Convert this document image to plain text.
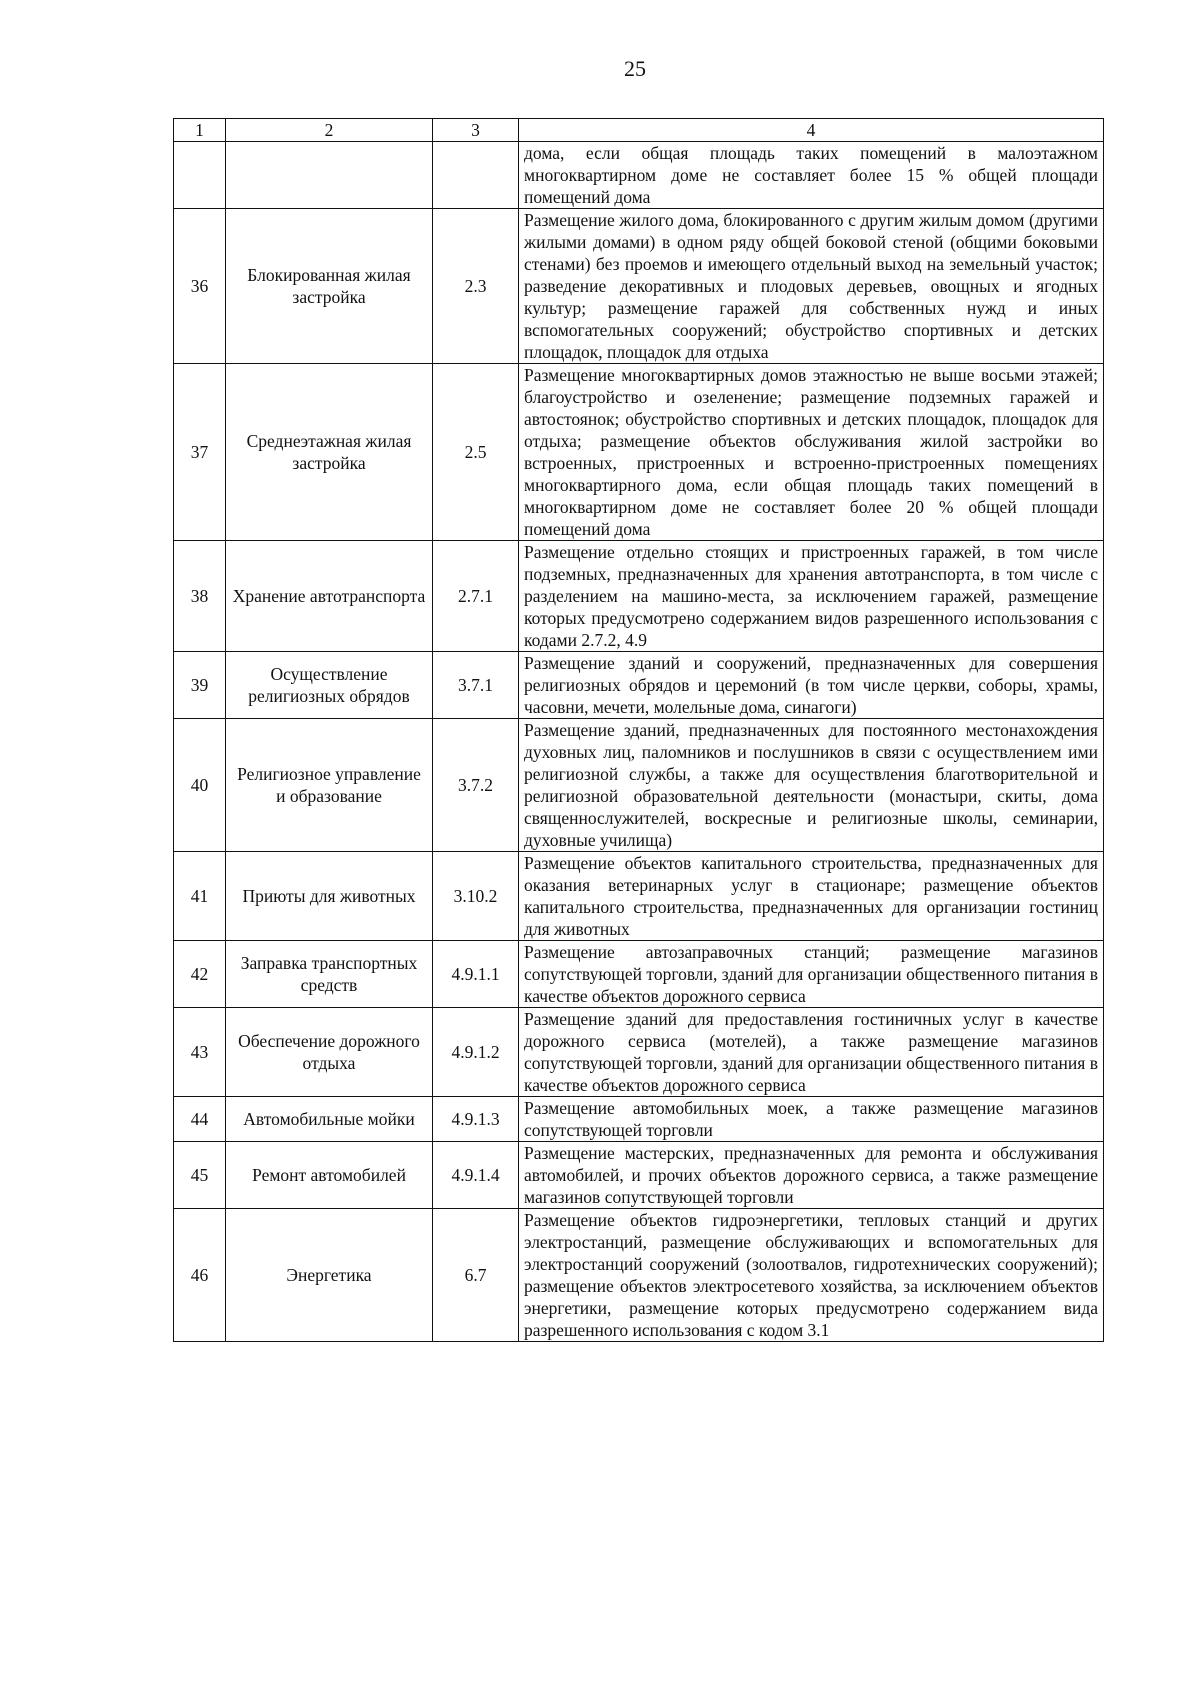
25
1	2	3	4
			дома, если общая площадь таких помещений в малоэтажном многоквартирном доме не составляет более 15 % общей площади помещений дома
36	Блокированная жилая застройка	2.3	Размещение жилого дома, блокированного с другим жилым домом (другими жилыми домами) в одном ряду общей боковой стеной (общими боковыми стенами) без проемов и имеющего отдельный выход на земельный участок; разведение декоративных и плодовых деревьев, овощных и ягодных культур; размещение гаражей для собственных нужд и иных вспомогательных сооружений; обустройство спортивных и детских площадок, площадок для отдыха
37	Среднеэтажная жилая застройка	2.5	Размещение многоквартирных домов этажностью не выше восьми этажей; благоустройство и озеленение; размещение подземных гаражей и автостоянок; обустройство спортивных и детских площадок, площадок для отдыха; размещение объектов обслуживания жилой застройки во встроенных, пристроенных и встроенно-пристроенных помещениях многоквартирного дома, если общая площадь таких помещений в многоквартирном доме не составляет более 20 % общей площади помещений дома
38	Хранение автотранспорта	2.7.1	Размещение отдельно стоящих и пристроенных гаражей, в том числе подземных, предназначенных для хранения автотранспорта, в том числе с разделением на машино-места, за исключением гаражей, размещение которых предусмотрено содержанием видов разрешенного использования с кодами 2.7.2, 4.9
39	Осуществление религиозных обрядов	3.7.1	Размещение зданий и сооружений, предназначенных для совершения религиозных обрядов и церемоний (в том числе церкви, соборы, храмы, часовни, мечети, молельные дома, синагоги)
40	Религиозное управление и образование	3.7.2	Размещение зданий, предназначенных для постоянного местонахождения духовных лиц, паломников и послушников в связи с осуществлением ими религиозной службы, а также для осуществления благотворительной и религиозной образовательной деятельности (монастыри, скиты, дома священнослужителей, воскресные и религиозные школы, семинарии, духовные училища)
41	Приюты для животных	3.10.2	Размещение объектов капитального строительства, предназначенных для оказания ветеринарных услуг в стационаре; размещение объектов капитального строительства, предназначенных для организации гостиниц для животных
42	Заправка транспортных средств	4.9.1.1	Размещение автозаправочных станций; размещение магазинов сопутствующей торговли, зданий для организации общественного питания в качестве объектов дорожного сервиса
43	Обеспечение дорожного отдыха	4.9.1.2	Размещение зданий для предоставления гостиничных услуг в качестве дорожного сервиса (мотелей), а также размещение магазинов сопутствующей торговли, зданий для организации общественного питания в качестве объектов дорожного сервиса
44	Автомобильные мойки	4.9.1.3	Размещение автомобильных моек, а также размещение магазинов сопутствующей торговли
45	Ремонт автомобилей	4.9.1.4	Размещение мастерских, предназначенных для ремонта и обслуживания автомобилей, и прочих объектов дорожного сервиса, а также размещение магазинов сопутствующей торговли
46	Энергетика	6.7	Размещение объектов гидроэнергетики, тепловых станций и других электростанций, размещение обслуживающих и вспомогательных для электростанций сооружений (золоотвалов, гидротехнических сооружений); размещение объектов электросетевого хозяйства, за исключением объектов энергетики, размещение которых предусмотрено содержанием вида разрешенного использования с кодом 3.1
